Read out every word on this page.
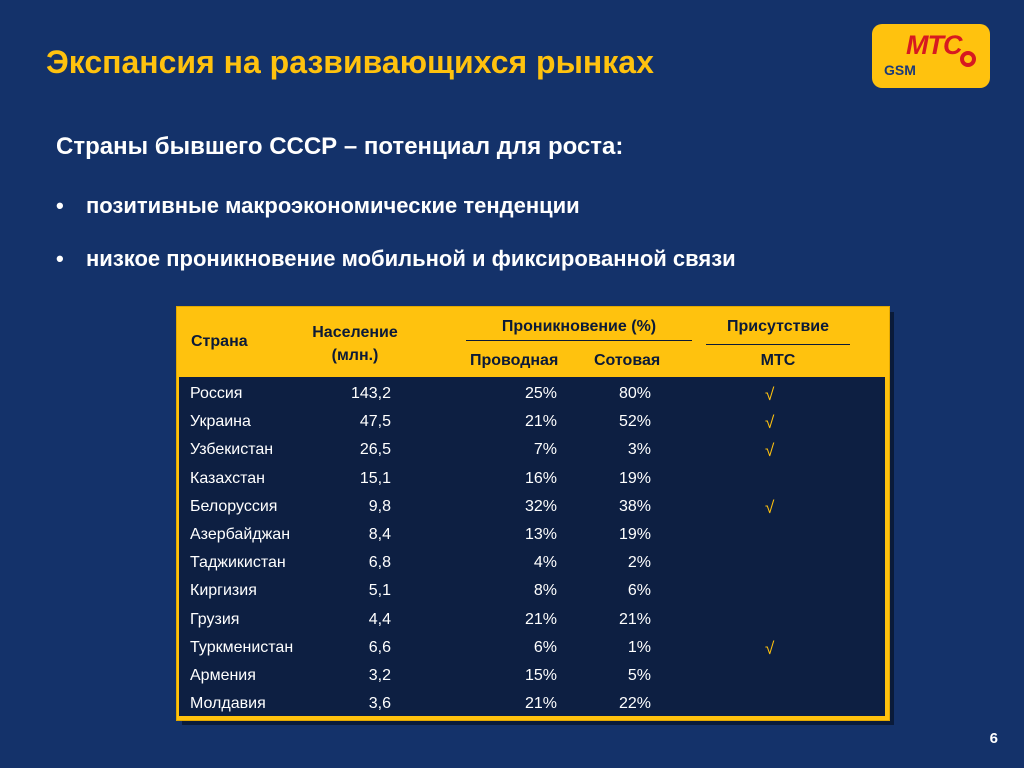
Экспансия на развивающихся рынках	МТС
GSM
Страны бывшего СССР – потенциал для роста:
• позитивные макроэкономические тенденции
• низкое проникновение мобильной и фиксированной связи
Страна
Население (млн.)
Проникновение (%)
Проводная Сотовая
Присутствие
МТС
Россия	143,2	25%	80%	√
Украина	47,5	21%	52%	√
Узбекистан	26,5	7%	3%	√
Казахстан	15,1	16%	19%
Белоруссия	9,8	32%	38%	√
Азербайджан	8,4	13%	19%
Таджикистан	6,8	4%	2%
Киргизия	5,1	8%	6%
Грузия	4,4	21%	21%
Туркменистан	6,6	6%	1%	√
Армения	3,2	15%	5%
Молдавия	3,6	21%	22%
6
